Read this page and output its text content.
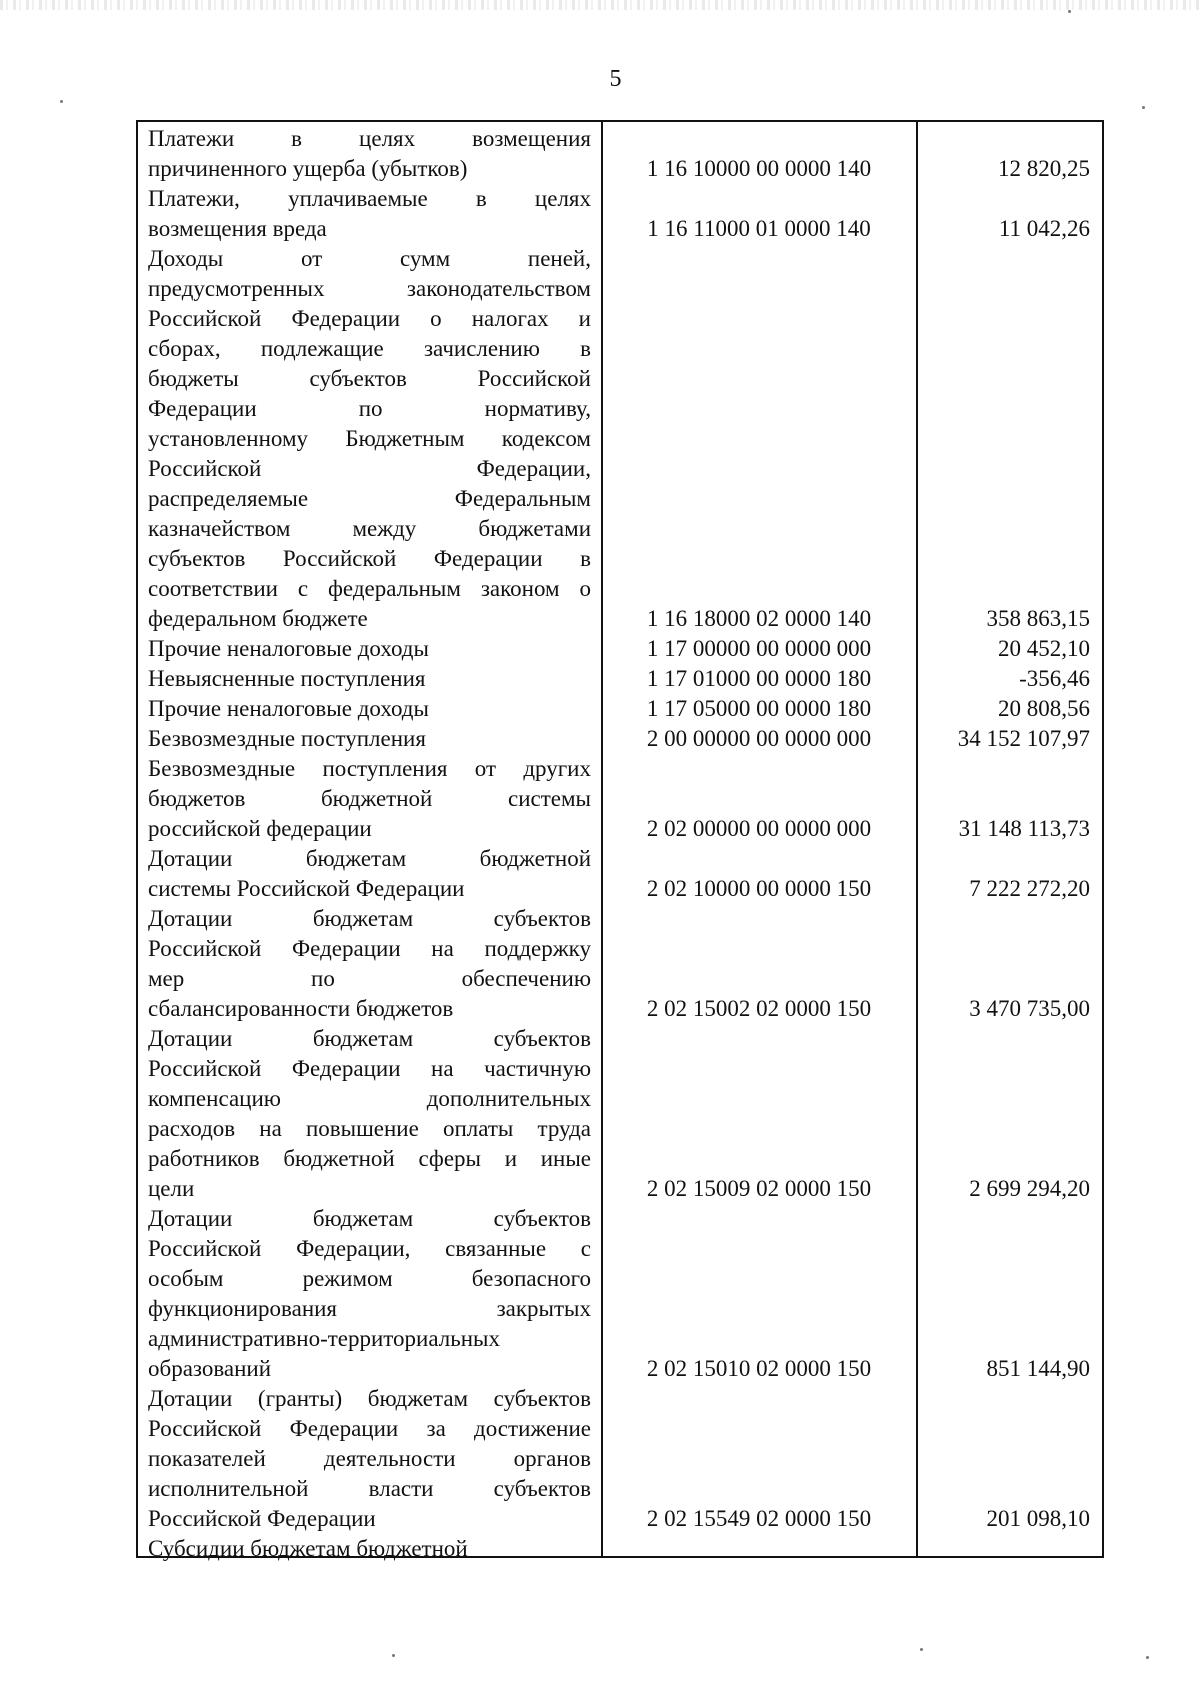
5
Платежи в целях возмещения
причиненного ущерба (убытков)	1 16 10000 00 0000 140	12 820,25
Платежи, уплачиваемые в целях
возмещения вреда	1 16 11000 01 0000 140	11 042,26
Доходы от сумм пеней,
предусмотренных законодательством
Российской Федерации о налогах и
сборах, подлежащие зачислению в
бюджеты субъектов Российской
Федерации по нормативу,
установленному Бюджетным кодексом
Российской Федерации,
распределяемые Федеральным
казначейством между бюджетами
субъектов Российской Федерации в
соответствии с федеральным законом о
федеральном бюджете	1 16 18000 02 0000 140	358 863,15
Прочие неналоговые доходы	1 17 00000 00 0000 000	20 452,10
Невыясненные поступления	1 17 01000 00 0000 180	-356,46
Прочие неналоговые доходы	1 17 05000 00 0000 180	20 808,56
Безвозмездные поступления	2 00 00000 00 0000 000	34 152 107,97
Безвозмездные поступления от других
бюджетов бюджетной системы
российской федерации	2 02 00000 00 0000 000	31 148 113,73
Дотации бюджетам бюджетной
системы Российской Федерации	2 02 10000 00 0000 150	7 222 272,20
Дотации бюджетам субъектов
Российской Федерации на поддержку
мер по обеспечению
сбалансированности бюджетов	2 02 15002 02 0000 150	3 470 735,00
Дотации бюджетам субъектов
Российской Федерации на частичную
компенсацию дополнительных
расходов на повышение оплаты труда
работников бюджетной сферы и иные
цели	2 02 15009 02 0000 150	2 699 294,20
Дотации бюджетам субъектов
Российской Федерации, связанные с
особым режимом безопасного
функционирования закрытых
административно-территориальных
образований	2 02 15010 02 0000 150	851 144,90
Дотации (гранты) бюджетам субъектов
Российской Федерации за достижение
показателей деятельности органов
исполнительной власти субъектов
Российской Федерации	2 02 15549 02 0000 150	201 098,10
Субсидии бюджетам бюджетной
